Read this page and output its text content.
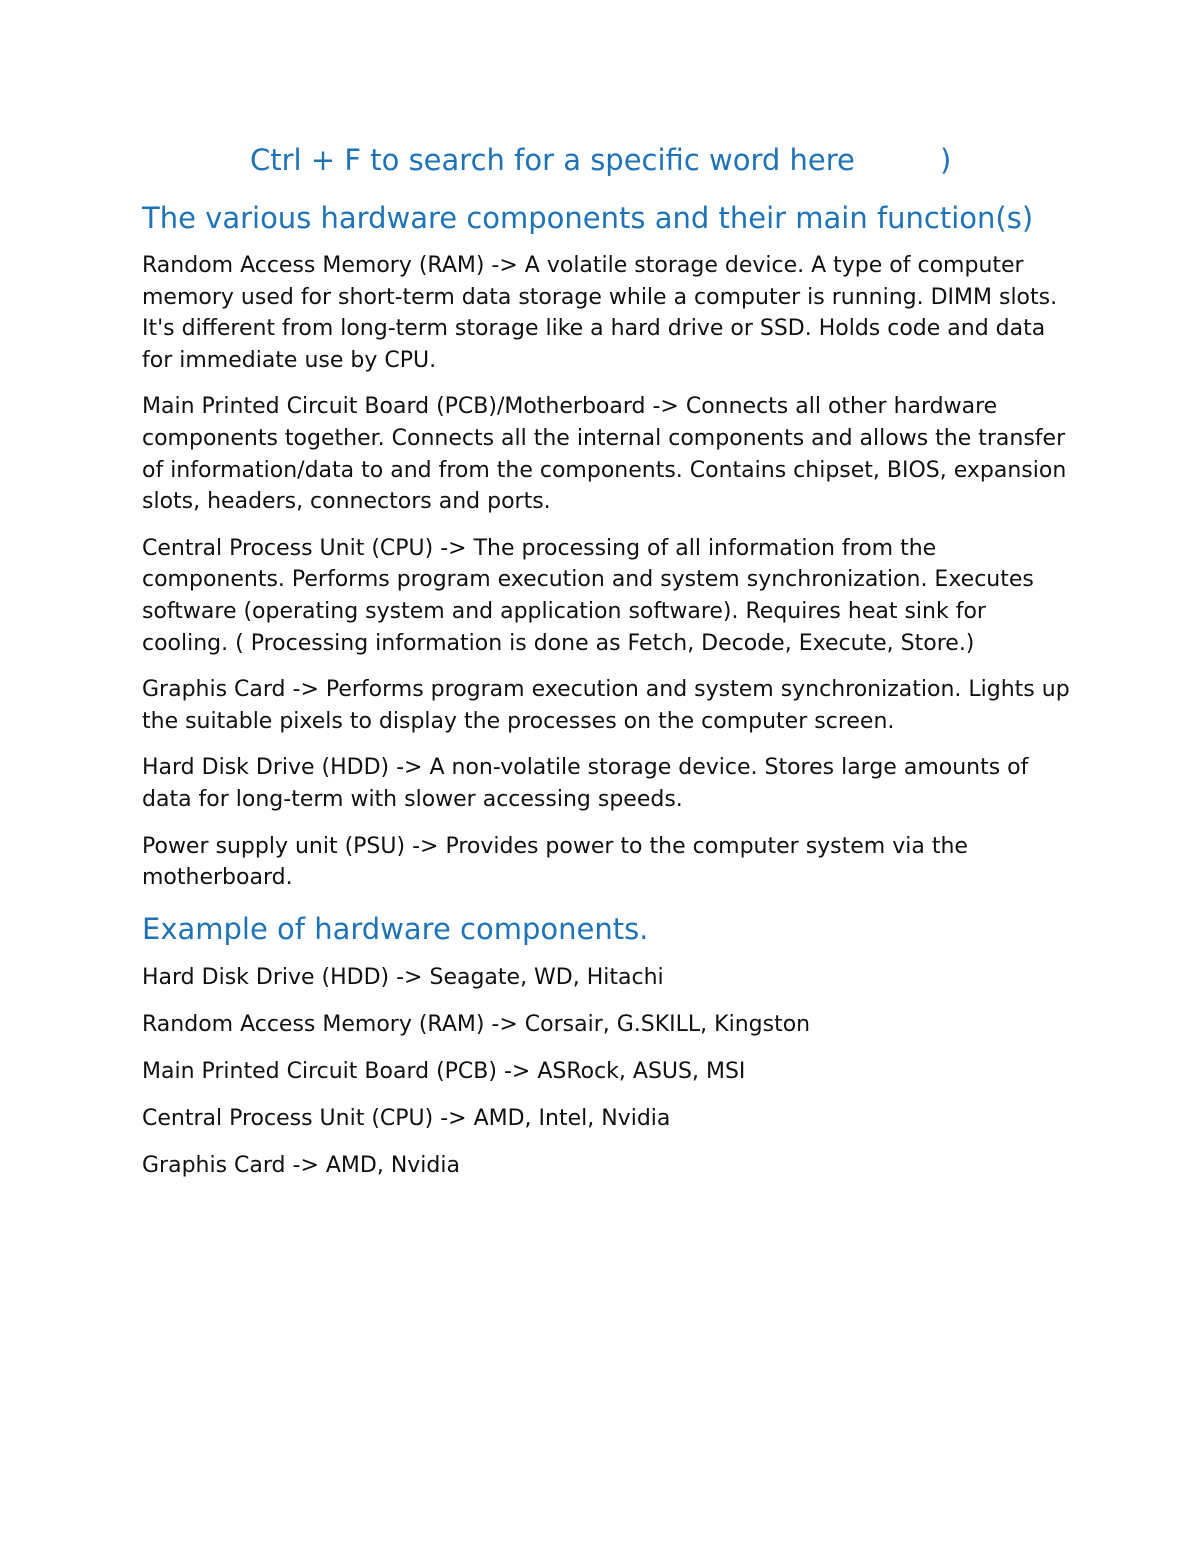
Ctrl + F to search for a specific word here	)
The various hardware components and their main function(s)

Random Access Memory (RAM) -> A volatile storage device. A type of computer memory used for short-term data storage while a computer is running. DIMM slots. It's different from long-term storage like a hard drive or SSD. Holds code and data for immediate use by CPU.

Main Printed Circuit Board (PCB)/Motherboard -> Connects all other hardware components together. Connects all the internal components and allows the transfer of information/data to and from the components. Contains chipset, BIOS, expansion slots, headers, connectors and ports.

Central Process Unit (CPU) -> The processing of all information from the components. Performs program execution and system synchronization. Executes software (operating system and application software). Requires heat sink for cooling. ( Processing information is done as Fetch, Decode, Execute, Store.)

Graphis Card -> Performs program execution and system synchronization. Lights up the suitable pixels to display the processes on the computer screen.

Hard Disk Drive (HDD) -> A non-volatile storage device. Stores large amounts of data for long-term with slower accessing speeds.

Power supply unit (PSU) -> Provides power to the computer system via the motherboard.

Example of hardware components.

Hard Disk Drive (HDD) -> Seagate, WD, Hitachi

Random Access Memory (RAM) -> Corsair, G.SKILL, Kingston

Main Printed Circuit Board (PCB) -> ASRock, ASUS, MSI

Central Process Unit (CPU) -> AMD, Intel, Nvidia

Graphis Card -> AMD, Nvidia
